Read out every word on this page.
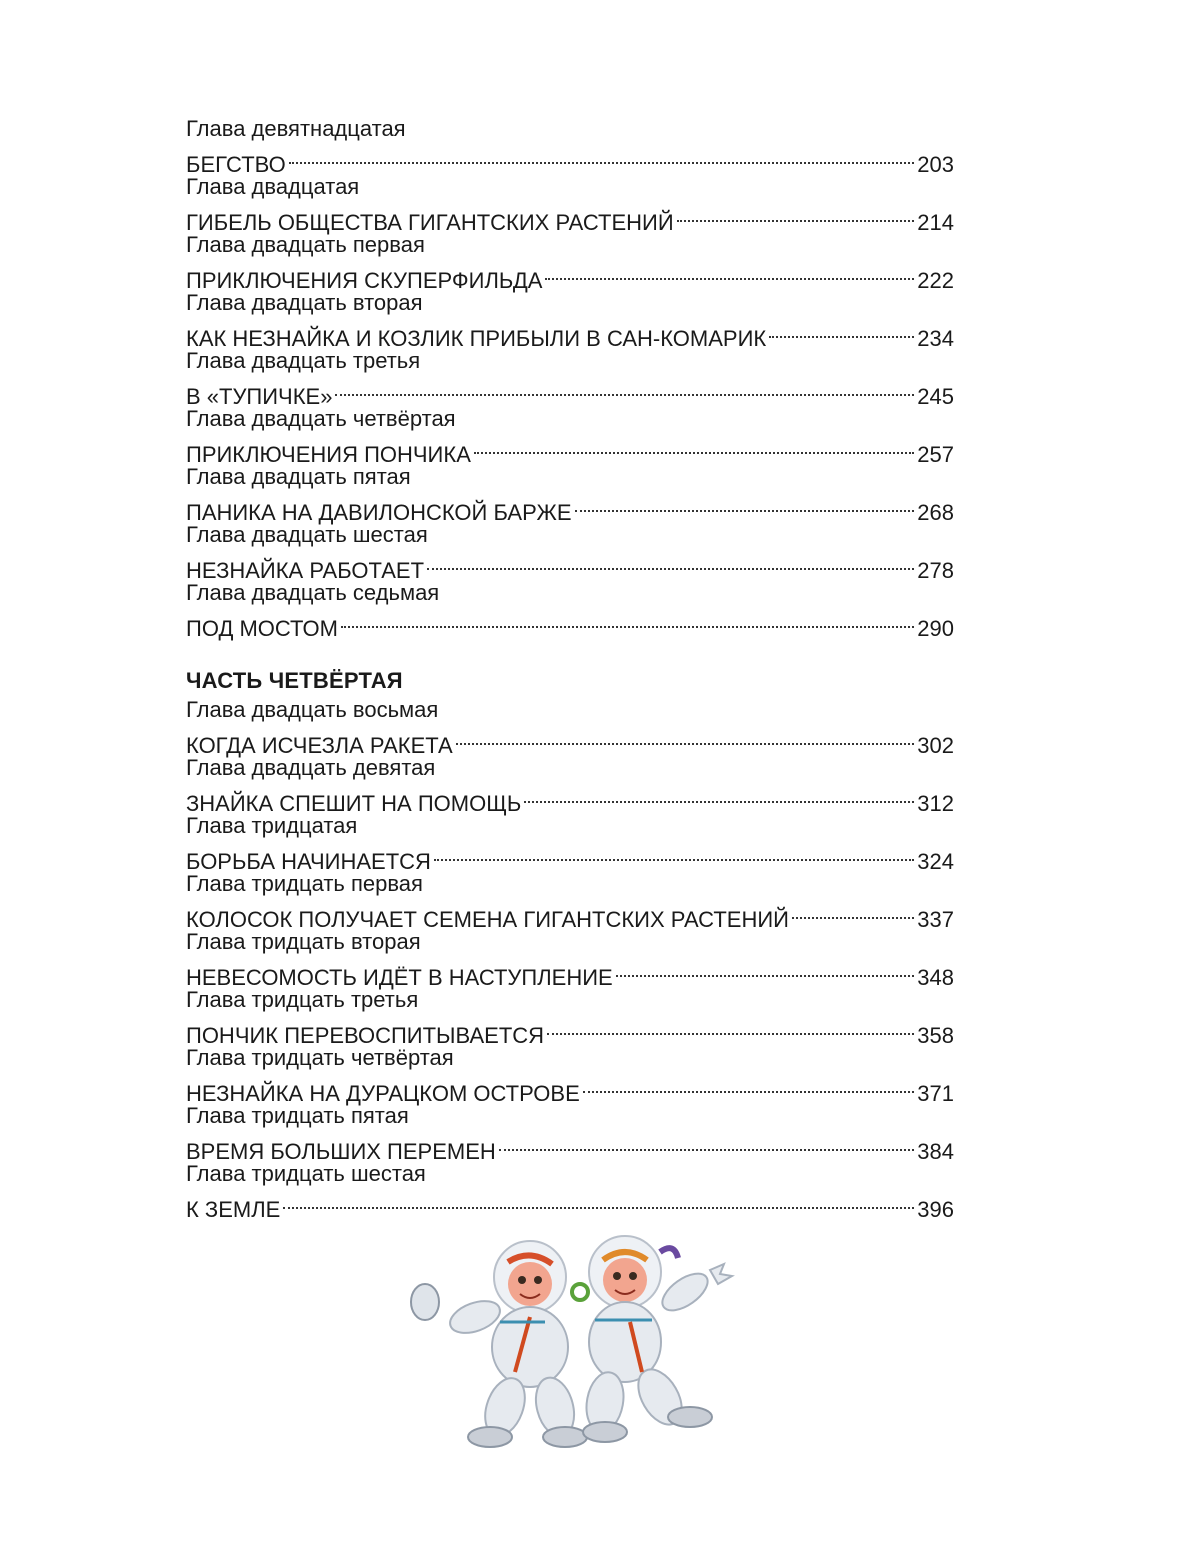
Глава девятнадцатая
БЕГСТВО	203
Глава двадцатая
ГИБЕЛЬ ОБЩЕСТВА ГИГАНТСКИХ РАСТЕНИЙ	214
Глава двадцать первая
ПРИКЛЮЧЕНИЯ СКУПЕРФИЛЬДА	222
Глава двадцать вторая
КАК НЕЗНАЙКА И КОЗЛИК ПРИБЫЛИ В САН-КОМАРИК	234
Глава двадцать третья
В «ТУПИЧКЕ»	245
Глава двадцать четвёртая
ПРИКЛЮЧЕНИЯ ПОНЧИКА	257
Глава двадцать пятая
ПАНИКА НА ДАВИЛОНСКОЙ БАРЖЕ	268
Глава двадцать шестая
НЕЗНАЙКА РАБОТАЕТ	278
Глава двадцать седьмая
ПОД МОСТОМ	290
ЧАСТЬ ЧЕТВЁРТАЯ
Глава двадцать восьмая
КОГДА ИСЧЕЗЛА РАКЕТА	302
Глава двадцать девятая
ЗНАЙКА СПЕШИТ НА ПОМОЩЬ	312
Глава тридцатая
БОРЬБА НАЧИНАЕТСЯ	324
Глава тридцать первая
КОЛОСОК ПОЛУЧАЕТ СЕМЕНА ГИГАНТСКИХ РАСТЕНИЙ	337
Глава тридцать вторая
НЕВЕСОМОСТЬ ИДЁТ В НАСТУПЛЕНИЕ	348
Глава тридцать третья
ПОНЧИК ПЕРЕВОСПИТЫВАЕТСЯ	358
Глава тридцать четвёртая
НЕЗНАЙКА НА ДУРАЦКОМ ОСТРОВЕ	371
Глава тридцать пятая
ВРЕМЯ БОЛЬШИХ ПЕРЕМЕН	384
Глава тридцать шестая
К ЗЕМЛЕ	396
